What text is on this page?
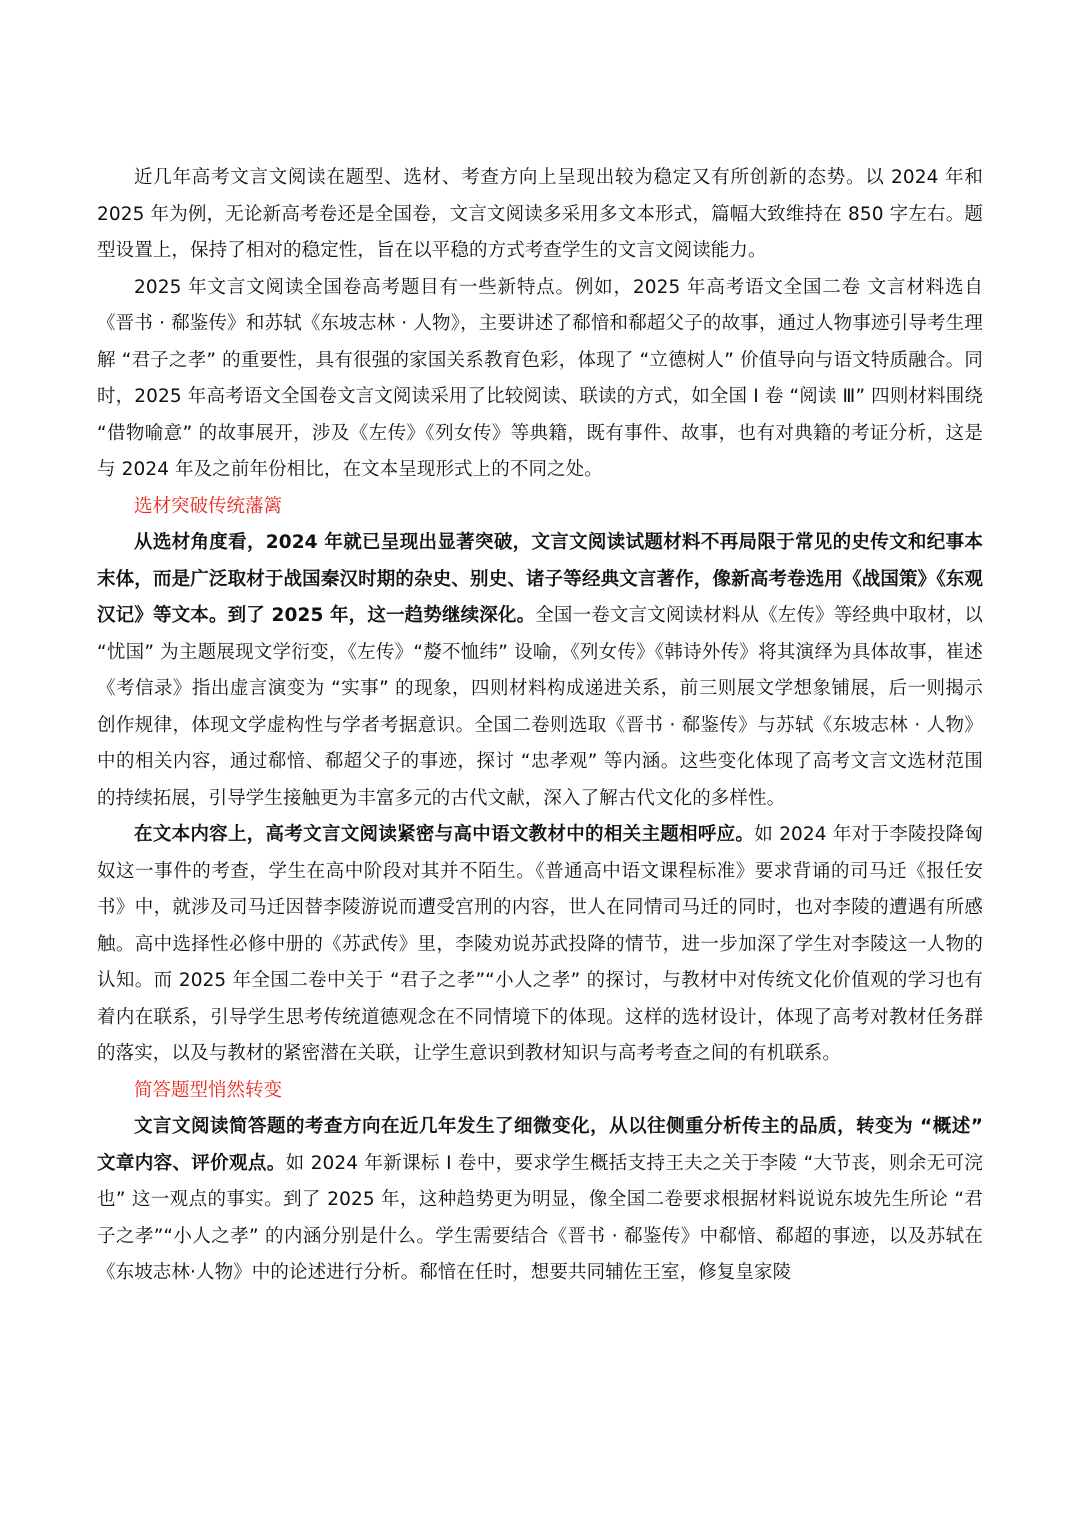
近几年高考文言文阅读在题型、选材、考查方向上呈现出较为稳定又有所创新的态势。以 2024 年和 2025 年为例，无论新高考卷还是全国卷，文言文阅读多采用多文本形式，篇幅大致维持在 850 字左右。题型设置上，保持了相对的稳定性，旨在以平稳的方式考查学生的文言文阅读能力。

2025 年文言文阅读全国卷高考题目有一些新特点。例如，2025 年高考语文全国二卷 文言材料选自《晋书 · 郗鉴传》和苏轼《东坡志林 · 人物》，主要讲述了郗愔和郗超父子的故事，通过人物事迹引导考生理解 “君子之孝” 的重要性，具有很强的家国关系教育色彩，体现了 “立德树人” 价值导向与语文特质融合。同时，2025 年高考语文全国卷文言文阅读采用了比较阅读、联读的方式，如全国 Ⅰ 卷 “阅读 Ⅲ” 四则材料围绕 “借物喻意” 的故事展开，涉及《左传》《列女传》等典籍，既有事件、故事，也有对典籍的考证分析，这是与 2024 年及之前年份相比，在文本呈现形式上的不同之处。

选材突破传统藩篱

从选材角度看，2024 年就已呈现出显著突破，文言文阅读试题材料不再局限于常见的史传文和纪事本末体，而是广泛取材于战国秦汉时期的杂史、别史、诸子等经典文言著作，像新高考卷选用《战国策》《东观汉记》等文本。到了 2025 年，这一趋势继续深化。全国一卷文言文阅读材料从《左传》等经典中取材，以 “忧国” 为主题展现文学衍变，《左传》“嫠不恤纬” 设喻，《列女传》《韩诗外传》将其演绎为具体故事，崔述《考信录》指出虚言演变为 “实事” 的现象，四则材料构成递进关系，前三则展文学想象铺展，后一则揭示创作规律，体现文学虚构性与学者考据意识。全国二卷则选取《晋书 · 郗鉴传》与苏轼《东坡志林 · 人物》中的相关内容，通过郗愔、郗超父子的事迹，探讨 “忠孝观” 等内涵。这些变化体现了高考文言文选材范围的持续拓展，引导学生接触更为丰富多元的古代文献，深入了解古代文化的多样性。

在文本内容上，高考文言文阅读紧密与高中语文教材中的相关主题相呼应。如 2024 年对于李陵投降匈奴这一事件的考查，学生在高中阶段对其并不陌生。《普通高中语文课程标准》要求背诵的司马迁《报任安书》中，就涉及司马迁因替李陵游说而遭受宫刑的内容，世人在同情司马迁的同时，也对李陵的遭遇有所感触。高中选择性必修中册的《苏武传》里，李陵劝说苏武投降的情节，进一步加深了学生对李陵这一人物的认知。而 2025 年全国二卷中关于 “君子之孝”“小人之孝” 的探讨，与教材中对传统文化价值观的学习也有着内在联系，引导学生思考传统道德观念在不同情境下的体现。这样的选材设计，体现了高考对教材任务群的落实，以及与教材的紧密潜在关联，让学生意识到教材知识与高考考查之间的有机联系。

简答题型悄然转变

文言文阅读简答题的考查方向在近几年发生了细微变化，从以往侧重分析传主的品质，转变为 “概述” 文章内容、评价观点。如 2024 年新课标 I 卷中，要求学生概括支持王夫之关于李陵 “大节丧，则余无可浣也” 这一观点的事实。到了 2025 年，这种趋势更为明显，像全国二卷要求根据材料说说东坡先生所论 “君子之孝”“小人之孝” 的内涵分别是什么。学生需要结合《晋书 · 郗鉴传》中郗愔、郗超的事迹，以及苏轼在《东坡志林·人物》中的论述进行分析。郗愔在任时，想要共同辅佐王室，修复皇家陵
